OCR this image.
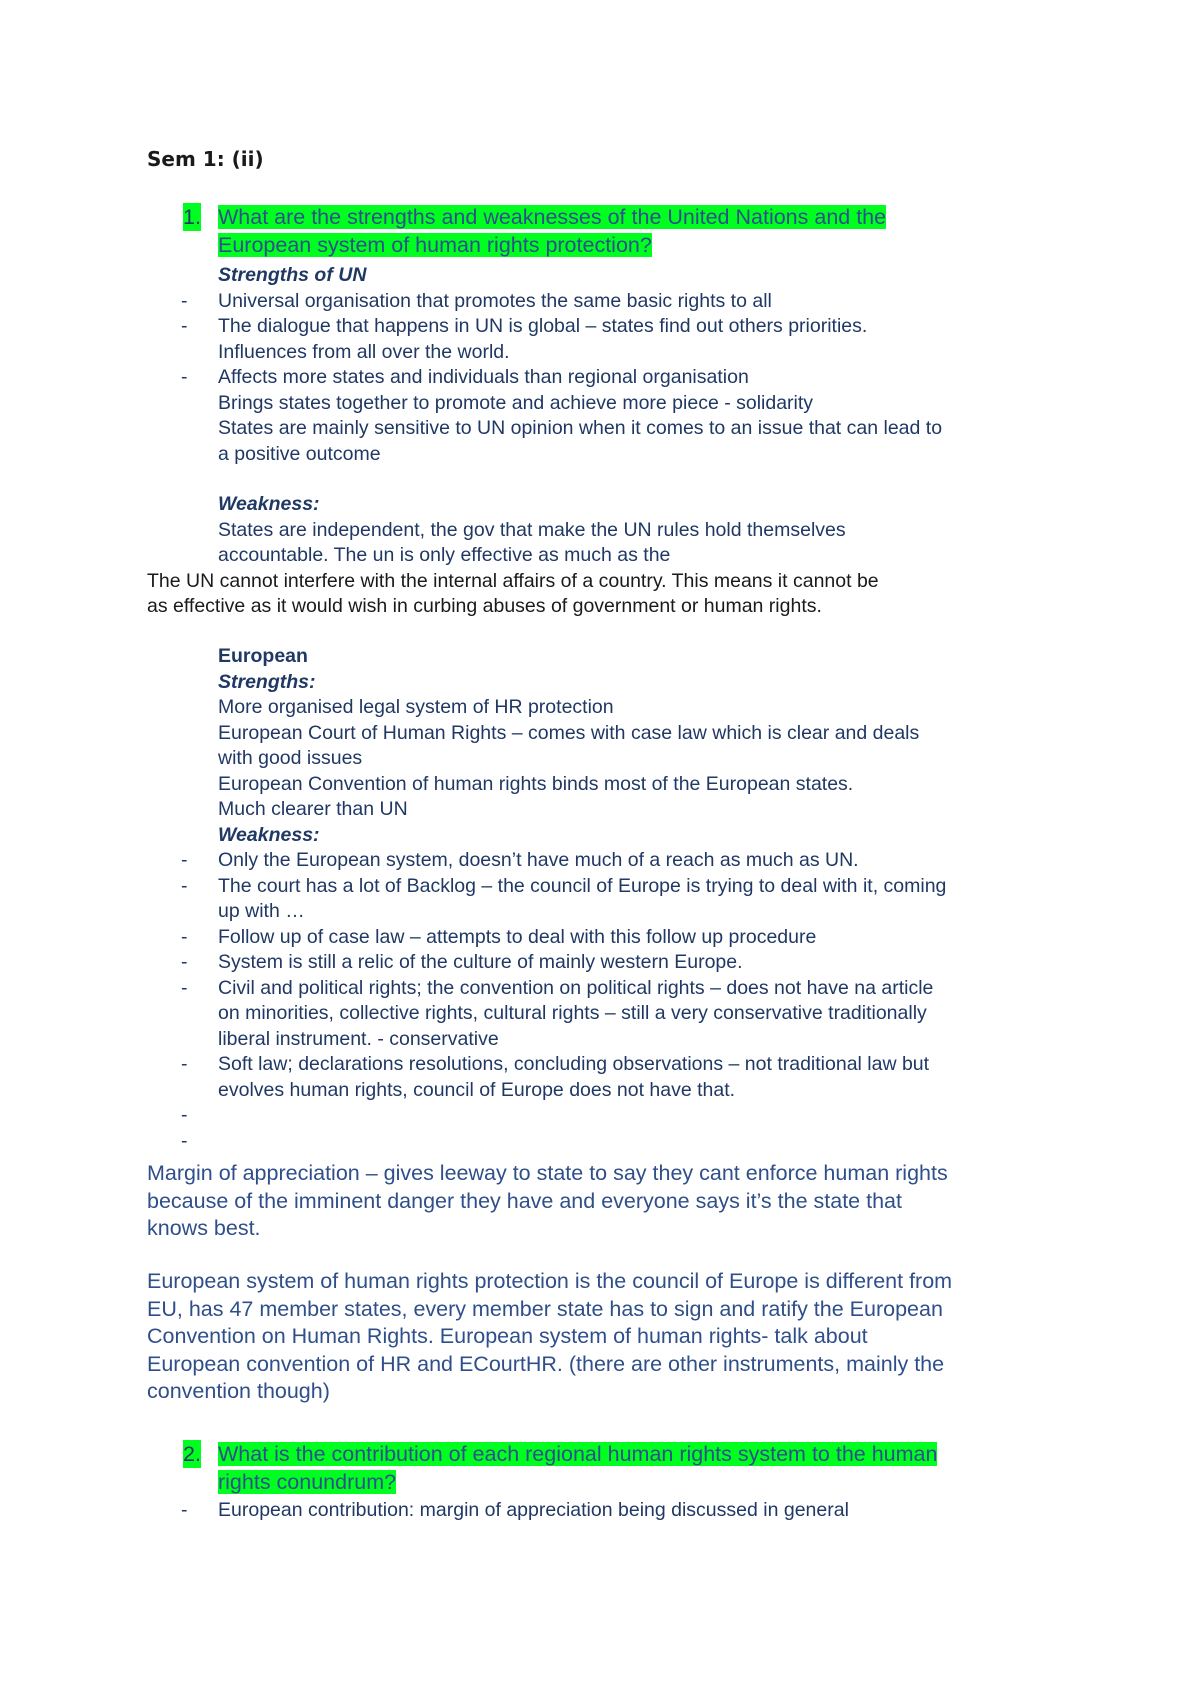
Sem 1: (ii)
1. What are the strengths and weaknesses of the United Nations and the
European system of human rights protection?
Strengths of UN
- Universal organisation that promotes the same basic rights to all
- The dialogue that happens in UN is global – states find out others priorities.
Influences from all over the world.
- Affects more states and individuals than regional organisation
Brings states together to promote and achieve more piece - solidarity
States are mainly sensitive to UN opinion when it comes to an issue that can lead to
a positive outcome
Weakness:
States are independent, the gov that make the UN rules hold themselves
accountable. The un is only effective as much as the
The UN cannot interfere with the internal affairs of a country. This means it cannot be
as effective as it would wish in curbing abuses of government or human rights.
European
Strengths:
More organised legal system of HR protection
European Court of Human Rights – comes with case law which is clear and deals
with good issues
European Convention of human rights binds most of the European states.
Much clearer than UN
Weakness:
- Only the European system, doesn’t have much of a reach as much as UN.
- The court has a lot of Backlog – the council of Europe is trying to deal with it, coming
up with …
- Follow up of case law – attempts to deal with this follow up procedure
- System is still a relic of the culture of mainly western Europe.
- Civil and political rights; the convention on political rights – does not have na article
on minorities, collective rights, cultural rights – still a very conservative traditionally
liberal instrument. - conservative
- Soft law; declarations resolutions, concluding observations – not traditional law but
evolves human rights, council of Europe does not have that.
-
-
Margin of appreciation – gives leeway to state to say they cant enforce human rights
because of the imminent danger they have and everyone says it’s the state that
knows best.
European system of human rights protection is the council of Europe is different from
EU, has 47 member states, every member state has to sign and ratify the European
Convention on Human Rights. European system of human rights- talk about
European convention of HR and ECourtHR. (there are other instruments, mainly the
convention though)
2. What is the contribution of each regional human rights system to the human
rights conundrum?
- European contribution: margin of appreciation being discussed in general
